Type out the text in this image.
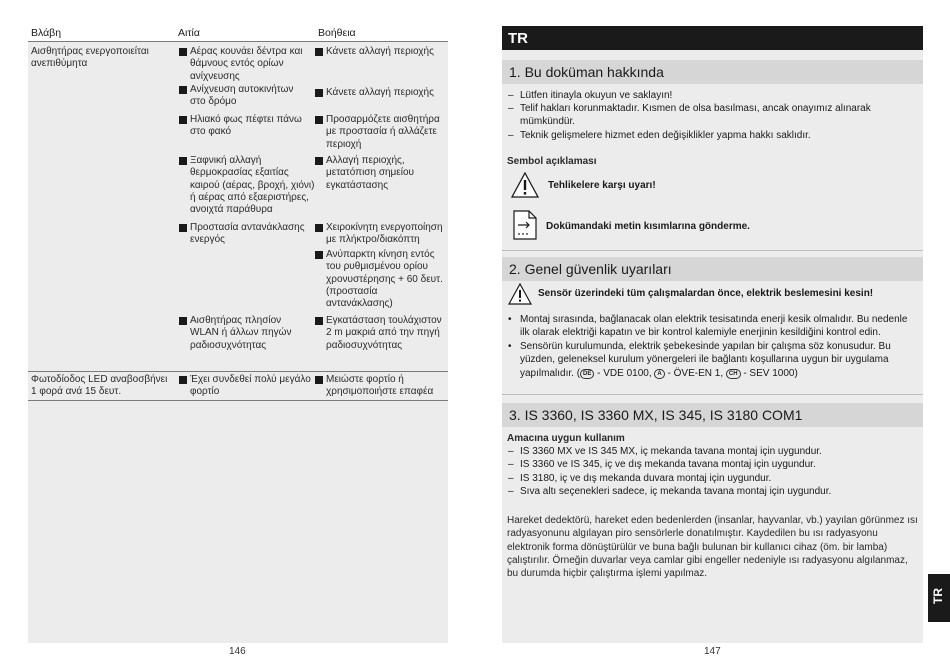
Βλάβη	Αιτία	Βοήθεια
Αισθητήρας ενεργοποιείται ανεπιθύμητα
Αέρας κουνάει δέντρα και θάμνους εντός ορίων ανίχνευσης
Ανίχνευση αυτοκινήτων στο δρόμο
Ηλιακό φως πέφτει πάνω στο φακό
Ξαφνική αλλαγή θερμοκρασίας εξαιτίας καιρού (αέρας, βροχή, χιόνι) ή αέρας από εξαεριστήρες, ανοιχτά παράθυρα
Προστασία αντανάκλασης ενεργός
Αισθητήρας πλησίον WLAN ή άλλων πηγών ραδιοσυχνότητας
Κάνετε αλλαγή περιοχής
Κάνετε αλλαγή περιοχής
Προσαρμόζετε αισθητήρα με προστασία ή αλλάζετε περιοχή
Αλλαγή περιοχής, μετατόπιση σημείου εγκατάστασης
Χειροκίνητη ενεργοποίηση με πλήκτρο/διακόπτη
Ανύπαρκτη κίνηση εντός του ρυθμισμένου ορίου χρονυστέρησης + 60 δευτ. (προστασία αντανάκλασης)
Εγκατάσταση τουλάχιστον 2 m μακριά από την πηγή ραδιοσυχνότητας
Φωτοδίοδος LED αναβοσβήνει 1 φορά ανά 15 δευτ.
Έχει συνδεθεί πολύ μεγάλο φορτίο
Μειώστε φορτίο ή χρησιμοποιήστε επαφέα
146
TR
1. Bu doküman hakkında
– Lütfen itinayla okuyun ve saklayın!
– Telif hakları korunmaktadır. Kısmen de olsa basılması, ancak onayımız alınarak mümkündür.
– Teknik gelişmelere hizmet eden değişiklikler yapma hakkı saklıdır.
Sembol açıklaması
Tehlikelere karşı uyarı!
Dokümandaki metin kısımlarına gönderme.
2. Genel güvenlik uyarıları
Sensör üzerindeki tüm çalışmalardan önce, elektrik beslemesini kesin!
• Montaj sırasında, bağlanacak olan elektrik tesisatında enerji kesik olmalıdır. Bu nedenle ilk olarak elektriği kapatın ve bir kontrol kalemiyle enerjinin kesildiğini kontrol edin.
• Sensörün kurulumunda, elektrik şebekesinde yapılan bir çalışma söz konusudur. Bu yüzden, geleneksel kurulum yönergeleri ile bağlantı koşullarına uygun bir uygulama yapılmalıdır. ( DE - VDE 0100, A - ÖVE-EN 1, CH - SEV 1000)
3. IS 3360, IS 3360 MX, IS 345, IS 3180 COM1
Amacına uygun kullanım
– IS 3360 MX ve IS 345 MX, iç mekanda tavana montaj için uygundur.
– IS 3360 ve IS 345, iç ve dış mekanda tavana montaj için uygundur.
– IS 3180, iç ve dış mekanda duvara montaj için uygundur.
– Sıva altı seçenekleri sadece, iç mekanda tavana montaj için uygundur.
Hareket dedektörü, hareket eden bedenlerden (insanlar, hayvanlar, vb.) yayılan görünmez ısı radyasyonunu algılayan piro sensörlerle donatılmıştır. Kaydedilen bu ısı radyasyonu elektronik forma dönüştürülür ve buna bağlı bulunan bir kullanıcı cihaz (öm. bir lamba) çalıştırılır. Örneğin duvarlar veya camlar gibi engeller nedeniyle ısı radyasyonu algılanmaz, bu durumda hiçbir çalıştırma işlemi yapılmaz.
147
TR
